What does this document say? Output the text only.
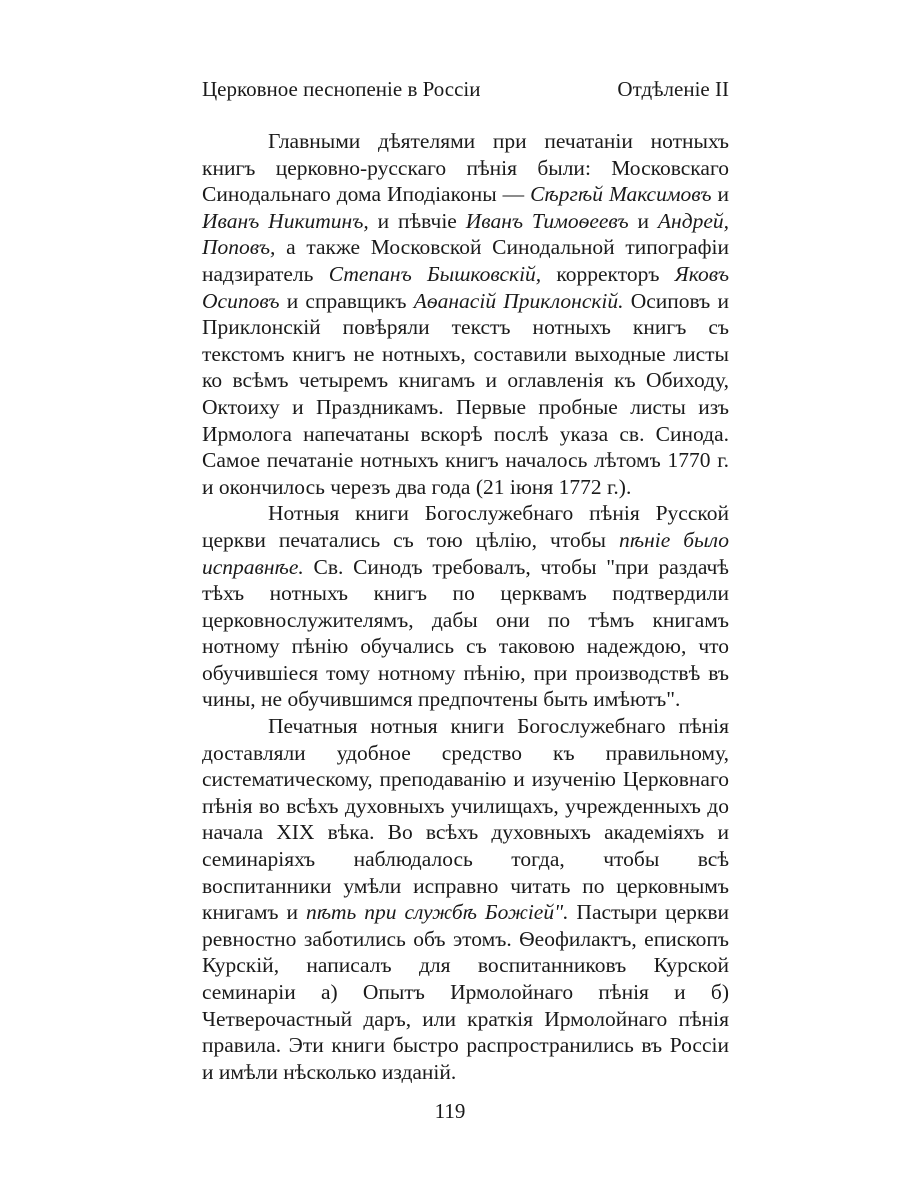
Церковное песнопеніе в Россіи	Отдѣленіе II

Главными дѣятелями при печатаніи нотныхъ книгъ церковно-русскаго пѣнія были: Московскаго Синодальнаго дома Иподіаконы — Сѣргѣй Максимовъ и Иванъ Никитинъ, и пѣвчіе Иванъ Тимоѳеевъ и Андрей, Поповъ, а также Московской Синодальной типографіи надзиратель Степанъ Бышковскій, корректоръ Яковъ Осиповъ и справщикъ Аѳанасій Приклонскій. Осиповъ и Приклонскій повѣряли текстъ нотныхъ книгъ съ текстомъ книгъ не нотныхъ, составили выходные листы ко всѣмъ четыремъ книгамъ и оглавленія къ Обиходу, Октоиху и Праздникамъ. Первые пробные листы изъ Ирмолога напечатаны вскорѣ послѣ указа св. Синода. Самое печатаніе нотныхъ книгъ началось лѣтомъ 1770 г. и окончилось черезъ два года (21 іюня 1772 г.).

Нотныя книги Богослужебнаго пѣнія Русской церкви печатались съ тою цѣлію, чтобы пѣніе было исправнѣе. Св. Синодъ требовалъ, чтобы "при раздачѣ тѣхъ нотныхъ книгъ по церквамъ подтвердили церковнослужителямъ, дабы они по тѣмъ книгамъ нотному пѣнію обучались съ таковою надеждою, что обучившіеся тому нотному пѣнію, при производствѣ въ чины, не обучившимся предпочтены быть имѣютъ".

Печатныя нотныя книги Богослужебнаго пѣнія доставляли удобное средство къ правильному, систематическому, преподаванію и изученію Церковнаго пѣнія во всѣхъ духовныхъ училищахъ, учрежденныхъ до начала XIX вѣка. Во всѣхъ духовныхъ академіяхъ и семинаріяхъ наблюдалось тогда, чтобы всѣ воспитанники умѣли исправно читать по церковнымъ книгамъ и пѣть при службѣ Божіей". Пастыри церкви ревностно заботились объ этомъ. Ѳеофилактъ, епископъ Курскій, написалъ для воспитанниковъ Курской семинаріи а) Опытъ Ирмолойнаго пѣнія и б) Четверочастный даръ, или краткія Ирмолойнаго пѣнія правила. Эти книги быстро распространились въ Россіи и имѣли нѣсколько изданій.

119
